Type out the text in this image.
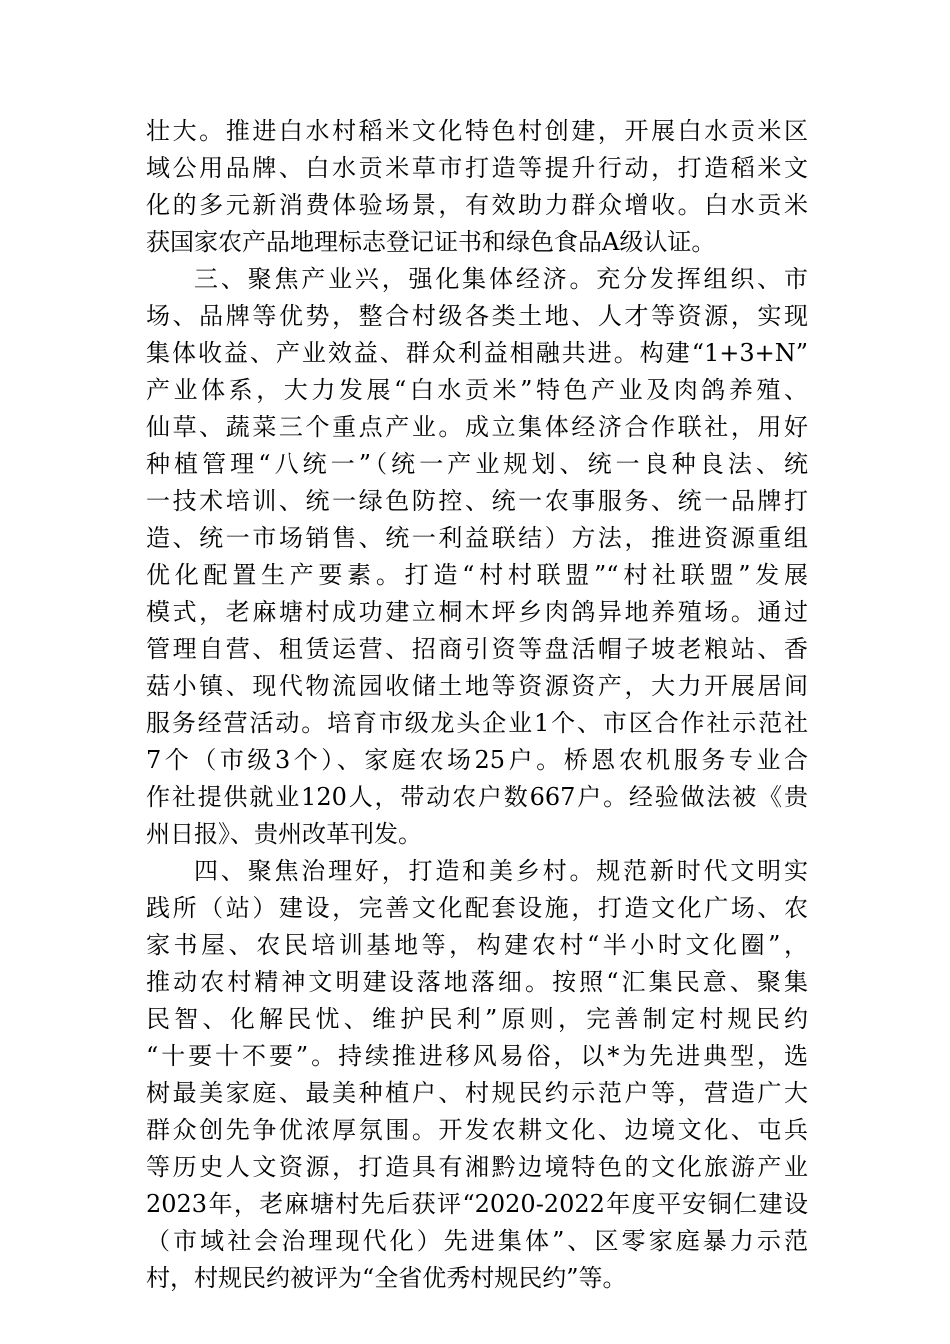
壮大。推进白水村稻米文化特色村创建，开展白水贡米区
域公用品牌、白水贡米草市打造等提升行动，打造稻米文
化的多元新消费体验场景，有效助力群众增收。白水贡米
获国家农产品地理标志登记证书和绿色食品A级认证。
三、聚焦产业兴，强化集体经济。充分发挥组织、市
场、品牌等优势，整合村级各类土地、人才等资源，实现
集体收益、产业效益、群众利益相融共进。构建“1+3+N”
产业体系，大力发展“白水贡米”特色产业及肉鸽养殖、
仙草、蔬菜三个重点产业。成立集体经济合作联社，用好
种植管理“八统一”（统一产业规划、统一良种良法、统
一技术培训、统一绿色防控、统一农事服务、统一品牌打
造、统一市场销售、统一利益联结）方法，推进资源重组
优化配置生产要素。打造“村村联盟”“村社联盟”发展
模式，老麻塘村成功建立桐木坪乡肉鸽异地养殖场。通过
管理自营、租赁运营、招商引资等盘活帽子坡老粮站、香
菇小镇、现代物流园收储土地等资源资产，大力开展居间
服务经营活动。培育市级龙头企业1个、市区合作社示范社
7个（市级3个）、家庭农场25户。桥恩农机服务专业合
作社提供就业120人，带动农户数667户。经验做法被《贵
州日报》、贵州改革刊发。
四、聚焦治理好，打造和美乡村。规范新时代文明实
践所（站）建设，完善文化配套设施，打造文化广场、农
家书屋、农民培训基地等，构建农村“半小时文化圈”，
推动农村精神文明建设落地落细。按照“汇集民意、聚集
民智、化解民忧、维护民利”原则，完善制定村规民约
“十要十不要”。持续推进移风易俗，以*为先进典型，选
树最美家庭、最美种植户、村规民约示范户等，营造广大
群众创先争优浓厚氛围。开发农耕文化、边境文化、屯兵
等历史人文资源，打造具有湘黔边境特色的文化旅游产业
2023年，老麻塘村先后获评“2020-2022年度平安铜仁建设
（市域社会治理现代化）先进集体”、区零家庭暴力示范
村，村规民约被评为“全省优秀村规民约”等。
